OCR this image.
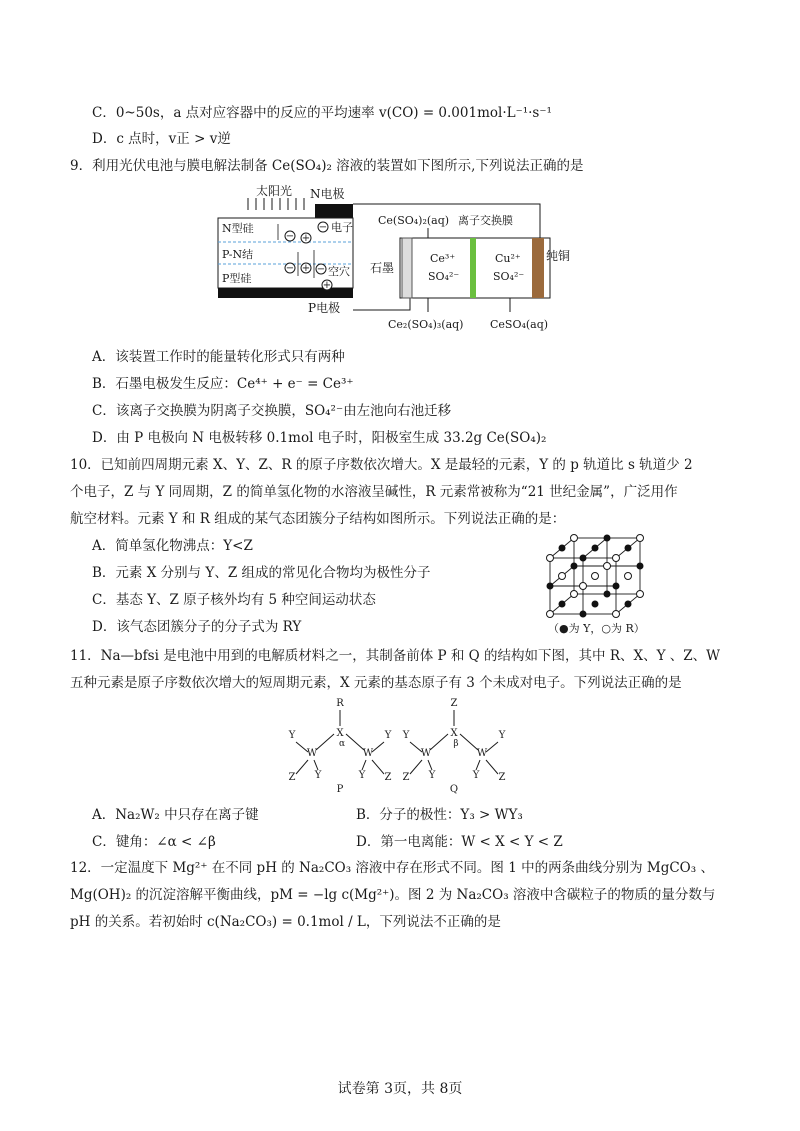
C．0~50s，a 点对应容器中的反应的平均速率 v(CO) = 0.001mol·L⁻¹·s⁻¹
D．c 点时，v正 > v逆
9．利用光伏电池与膜电解法制备 Ce(SO₄)₂ 溶液的装置如下图所示,下列说法正确的是
太阳光 N电极
N型硅
P-N结
P型硅
P电极
− +
−
− + −
+
电子
空穴 石墨
纯铜
Ce³⁺
SO₄²⁻
Cu²⁺
SO₄²⁻
Ce(SO₄)₂(aq) 离子交换膜
Ce₂(SO₄)₃(aq) CeSO₄(aq)
A．该装置工作时的能量转化形式只有两种
B．石墨电极发生反应：Ce⁴⁺ + e⁻ = Ce³⁺
C．该离子交换膜为阴离子交换膜，SO₄²⁻由左池向右池迁移
D．由 P 电极向 N 电极转移 0.1mol 电子时，阳极室生成 33.2g Ce(SO₄)₂
10．已知前四周期元素 X、Y、Z、R 的原子序数依次增大。X 是最轻的元素，Y 的 p 轨道比 s 轨道少 2
个电子，Z 与 Y 同周期，Z 的简单氢化物的水溶液呈碱性，R 元素常被称为“21 世纪金属”，广泛用作
航空材料。元素 Y 和 R 组成的某气态团簇分子结构如图所示。下列说法正确的是：
A．简单氢化物沸点：Y<Z
B．元素 X 分别与 Y、Z 组成的常见化合物均为极性分子
C．基态 Y、Z 原子核外均有 5 种空间运动状态
D．该气态团簇分子的分子式为 RY	（●为 Y，○为 R）
11．Na—bfsi 是电池中用到的电解质材料之一，其制备前体 P 和 Q 的结构如下图，其中 R、X、Y 、Z、W
五种元素是原子序数依次增大的短周期元素，X 元素的基态原子有 3 个未成对电子。下列说法正确的是
R
X
W	W
α
Y	Y
Z	Z
Y	Y
P
Z
X
W	W
β
Y	Y
Z	Z
Y	Y
Q
A．Na₂W₂ 中只存在离子键	B．分子的极性：Y₃ > WY₃
C．键角：∠α < ∠β	D．第一电离能：W < X < Y < Z
12．一定温度下 Mg²⁺ 在不同 pH 的 Na₂CO₃ 溶液中存在形式不同。图 1 中的两条曲线分别为 MgCO₃ 、
Mg(OH)₂ 的沉淀溶解平衡曲线，pM = −lg c(Mg²⁺)。图 2 为 Na₂CO₃ 溶液中含碳粒子的物质的量分数与
pH 的关系。若初始时 c(Na₂CO₃) = 0.1mol / L，下列说法不正确的是
试卷第 3页，共 8页
